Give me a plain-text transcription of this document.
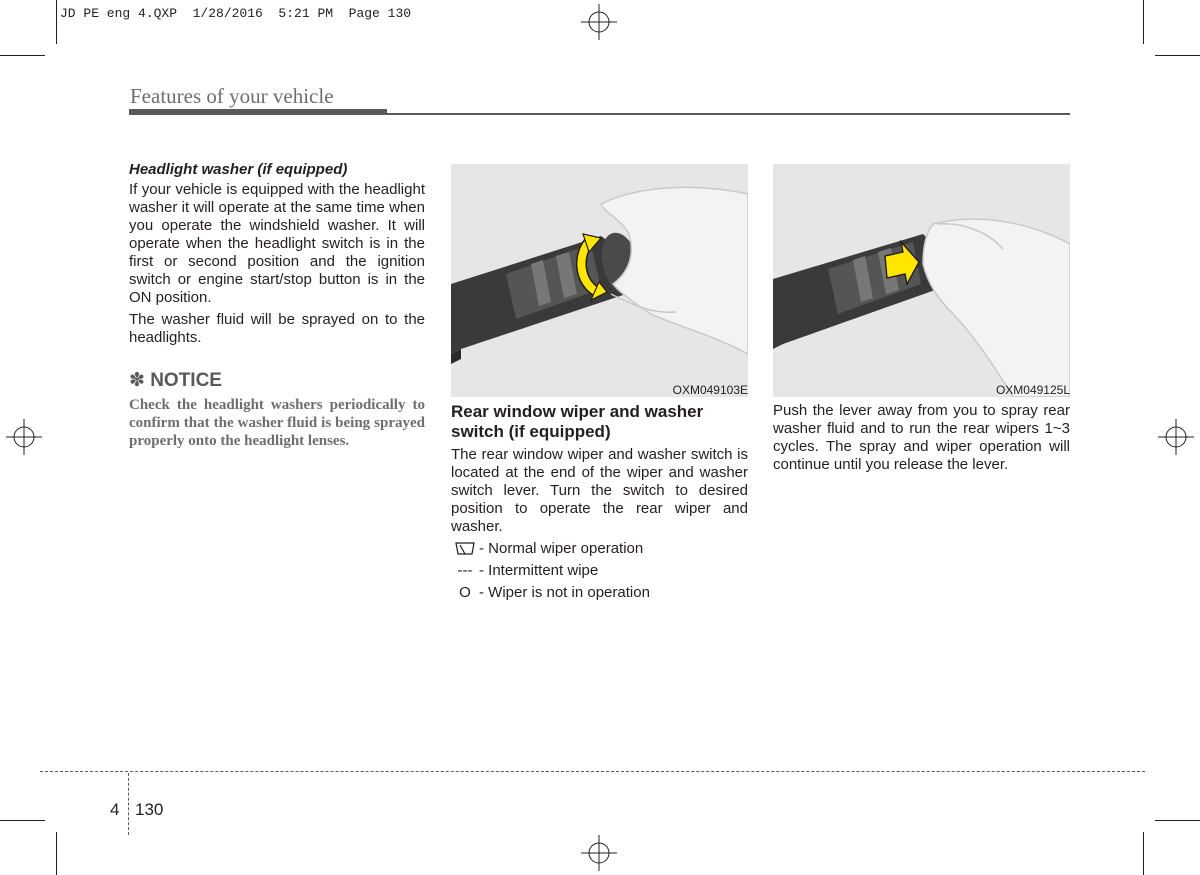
JD PE eng 4.QXP  1/28/2016  5:21 PM  Page 130
Features of your vehicle
Headlight washer (if equipped)

If your vehicle is equipped with the headlight washer it will operate at the same time when you operate the windshield washer. It will operate when the headlight switch is in the first or second position and the ignition switch or engine start/stop button is in the ON position.

The washer fluid will be sprayed on to the headlights.

✽ NOTICE
Check the headlight washers periodically to confirm that the washer fluid is being sprayed properly onto the headlight lenses.
OXM049103E	OXM049125L
Rear window wiper and washer switch (if equipped)

The rear window wiper and washer switch is located at the end of the wiper and washer switch lever. Turn the switch to desired position to operate the rear wiper and washer.

- Normal wiper operation
--- - Intermittent wipe
O - Wiper is not in operation

Push the lever away from you to spray rear washer fluid and to run the rear wipers 1~3 cycles. The spray and wiper operation will continue until you release the lever.

4 130
